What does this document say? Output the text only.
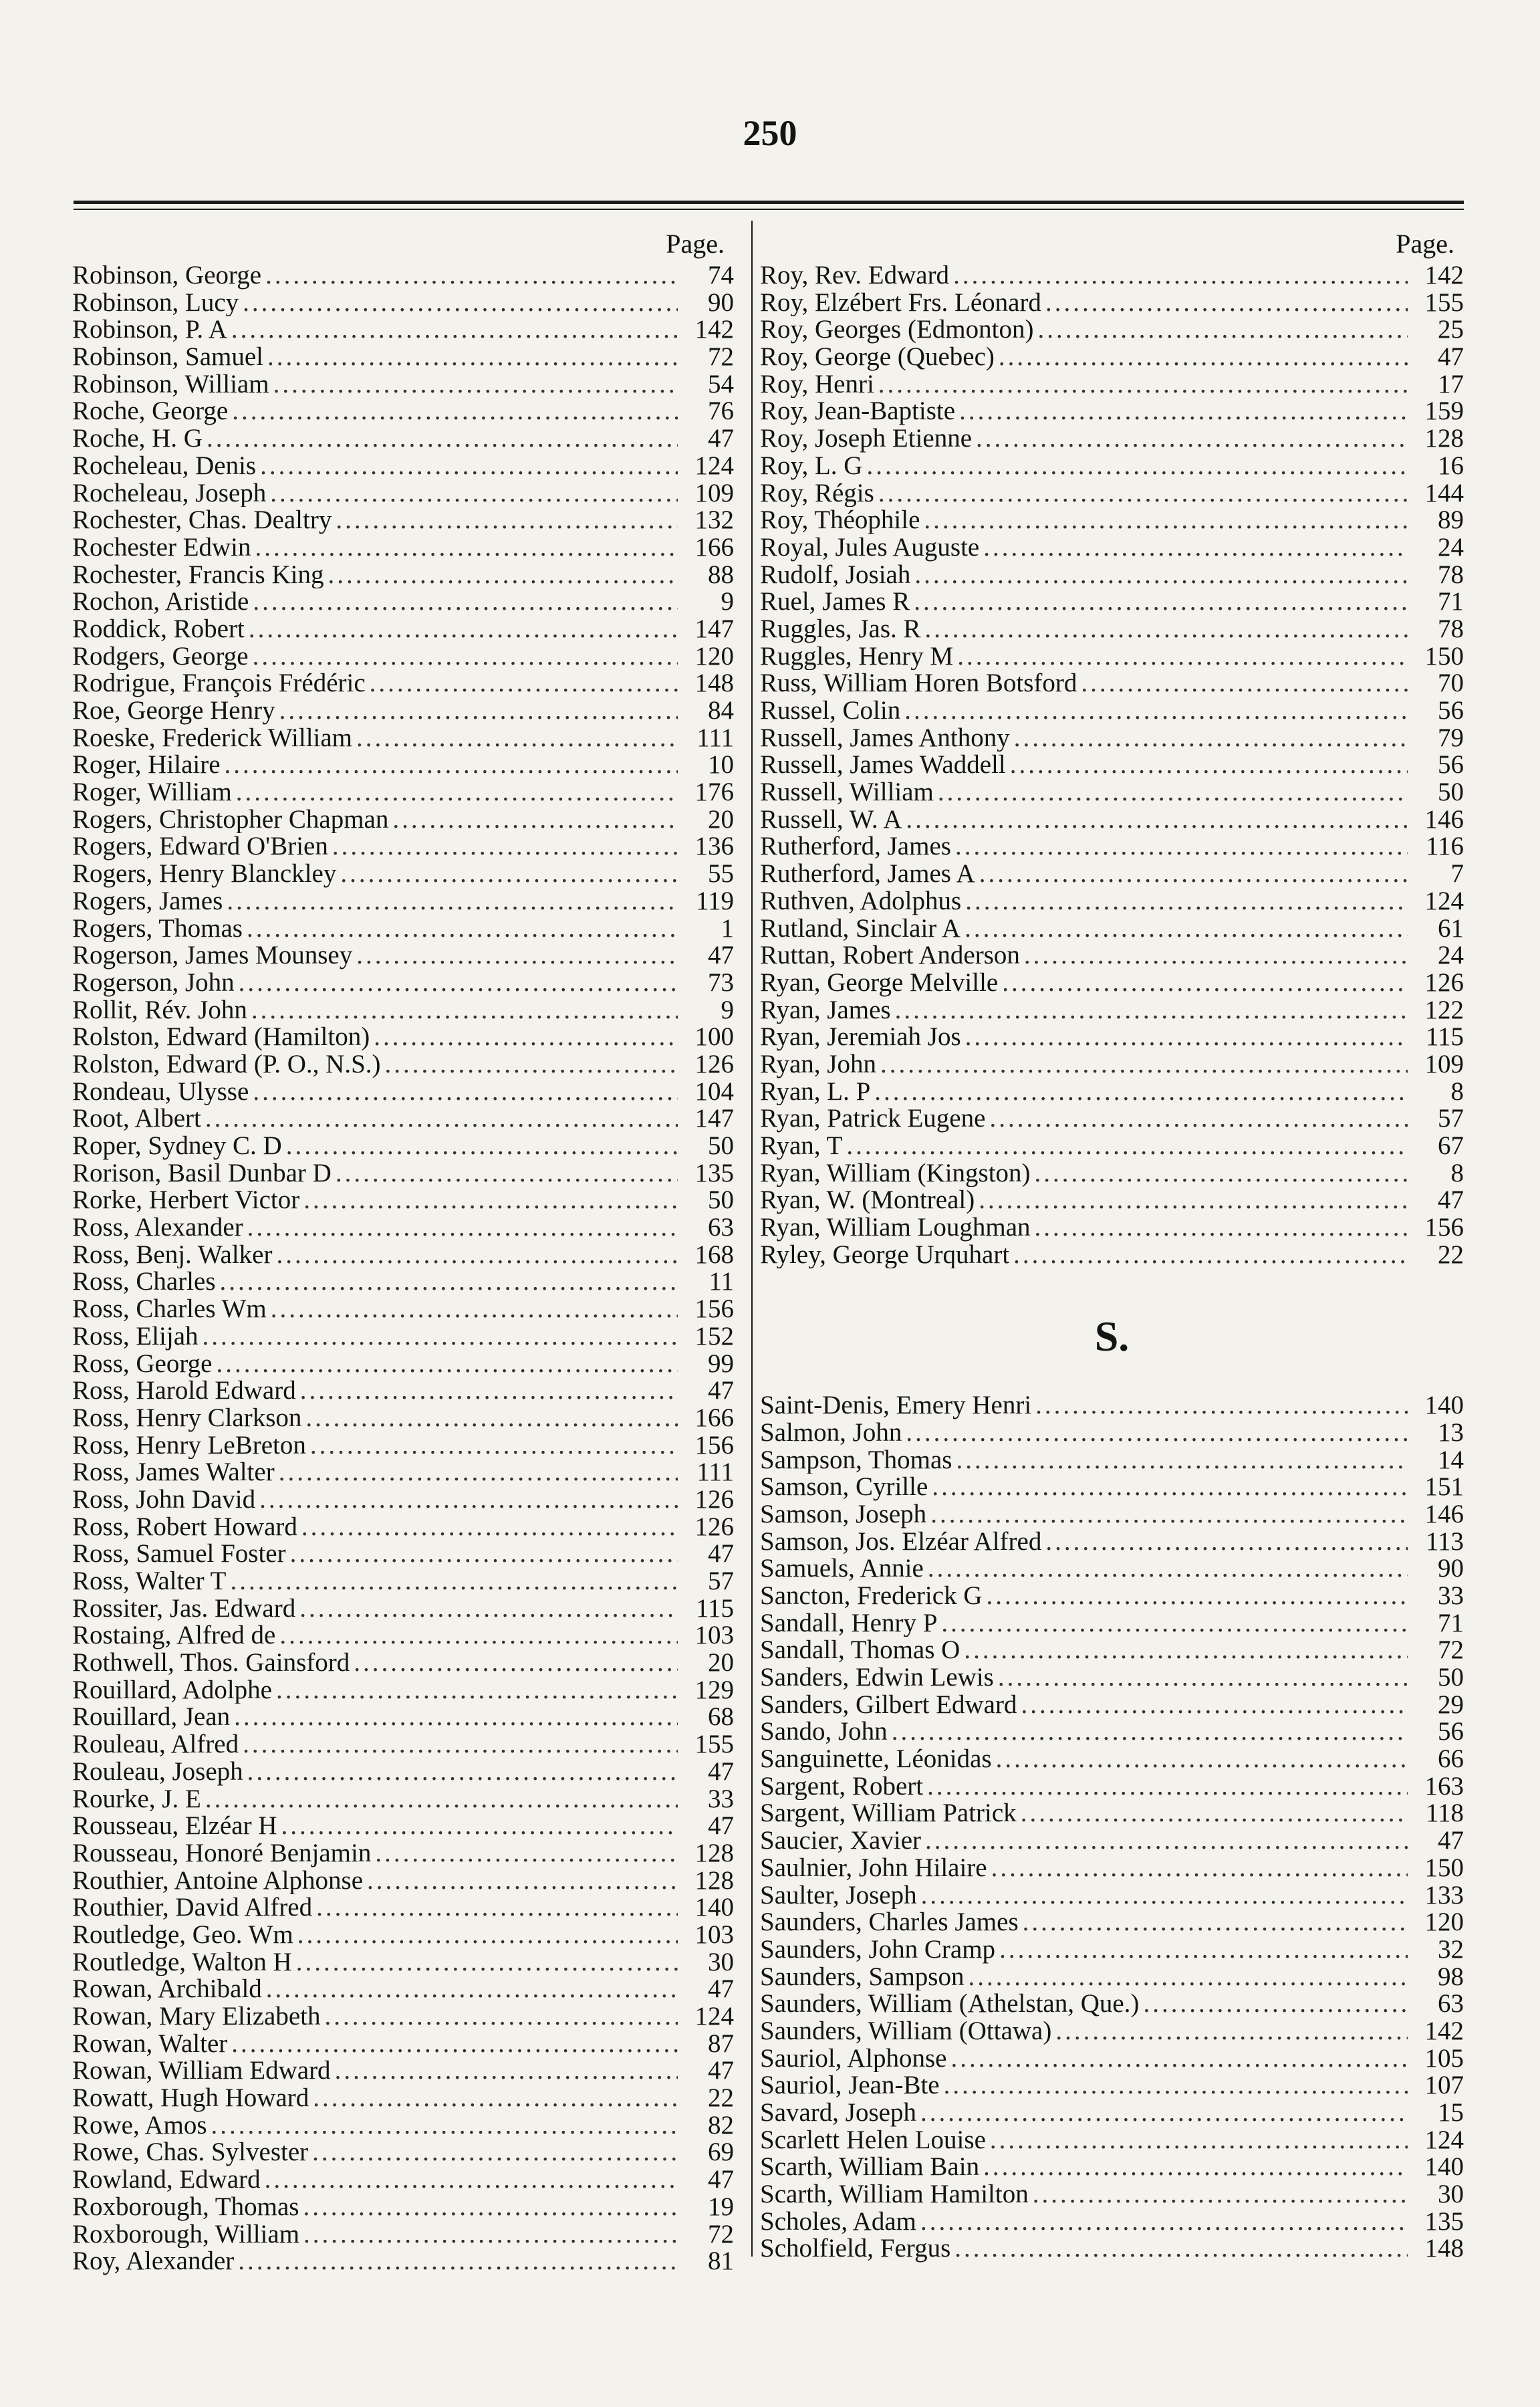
250
Page.
Robinson, George .....	74
Robinson, Lucy .....	90
Robinson, P. A .....	142
Robinson, Samuel .....	72
Robinson, William .....	54
Roche, George .....	76
Roche, H. G .....	47
Rocheleau, Denis .....	124
Rocheleau, Joseph .....	109
Rochester, Chas. Dealtry .....	132
Rochester Edwin .....	166
Rochester, Francis King .....	88
Rochon, Aristide .....	9
Roddick, Robert .....	147
Rodgers, George .....	120
Rodrigue, François Frédéric .....	148
Roe, George Henry .....	84
Roeske, Frederick William .....	111
Roger, Hilaire .....	10
Roger, William .....	176
Rogers, Christopher Chapman .....	20
Rogers, Edward O'Brien .....	136
Rogers, Henry Blanckley .....	55
Rogers, James .....	119
Rogers, Thomas .....	1
Rogerson, James Mounsey .....	47
Rogerson, John .....	73
Rollit, Rév. John .....	9
Rolston, Edward (Hamilton) .....	100
Rolston, Edward (P. O., N.S.) .....	126
Rondeau, Ulysse .....	104
Root, Albert .....	147
Roper, Sydney C. D .....	50
Rorison, Basil Dunbar D .....	135
Rorke, Herbert Victor .....	50
Ross, Alexander .....	63
Ross, Benj. Walker .....	168
Ross, Charles .....	11
Ross, Charles Wm .....	156
Ross, Elijah .....	152
Ross, George .....	99
Ross, Harold Edward .....	47
Ross, Henry Clarkson .....	166
Ross, Henry LeBreton .....	156
Ross, James Walter .....	111
Ross, John David .....	126
Ross, Robert Howard .....	126
Ross, Samuel Foster .....	47
Ross, Walter T .....	57
Rossiter, Jas. Edward .....	115
Rostaing, Alfred de .....	103
Rothwell, Thos. Gainsford .....	20
Rouillard, Adolphe .....	129
Rouillard, Jean .....	68
Rouleau, Alfred .....	155
Rouleau, Joseph .....	47
Rourke, J. E .....	33
Rousseau, Elzéar H .....	47
Rousseau, Honoré Benjamin .....	128
Routhier, Antoine Alphonse .....	128
Routhier, David Alfred .....	140
Routledge, Geo. Wm .....	103
Routledge, Walton H .....	30
Rowan, Archibald .....	47
Rowan, Mary Elizabeth .....	124
Rowan, Walter .....	87
Rowan, William Edward .....	47
Rowatt, Hugh Howard .....	22
Rowe, Amos .....	82
Rowe, Chas. Sylvester .....	69
Rowland, Edward .....	47
Roxborough, Thomas .....	19
Roxborough, William .....	72
Roy, Alexander .....	81
Page.
Roy, Rev. Edward .....	142
Roy, Elzébert Frs. Léonard .....	155
Roy, Georges (Edmonton) .....	25
Roy, George (Quebec) .....	47
Roy, Henri .....	17
Roy, Jean-Baptiste .....	159
Roy, Joseph Etienne .....	128
Roy, L. G .....	16
Roy, Régis .....	144
Roy, Théophile .....	89
Royal, Jules Auguste .....	24
Rudolf, Josiah .....	78
Ruel, James R .....	71
Ruggles, Jas. R .....	78
Ruggles, Henry M .....	150
Russ, William Horen Botsford .....	70
Russel, Colin .....	56
Russell, James Anthony .....	79
Russell, James Waddell .....	56
Russell, William .....	50
Russell, W. A .....	146
Rutherford, James .....	116
Rutherford, James A .....	7
Ruthven, Adolphus .....	124
Rutland, Sinclair A .....	61
Ruttan, Robert Anderson .....	24
Ryan, George Melville .....	126
Ryan, James .....	122
Ryan, Jeremiah Jos .....	115
Ryan, John .....	109
Ryan, L. P .....	8
Ryan, Patrick Eugene .....	57
Ryan, T .....	67
Ryan, William (Kingston) .....	8
Ryan, W. (Montreal) .....	47
Ryan, William Loughman .....	156
Ryley, George Urquhart .....	22
S.
Saint-Denis, Emery Henri .....	140
Salmon, John .....	13
Sampson, Thomas .....	14
Samson, Cyrille .....	151
Samson, Joseph .....	146
Samson, Jos. Elzéar Alfred .....	113
Samuels, Annie .....	90
Sancton, Frederick G .....	33
Sandall, Henry P .....	71
Sandall, Thomas O .....	72
Sanders, Edwin Lewis .....	50
Sanders, Gilbert Edward .....	29
Sando, John .....	56
Sanguinette, Léonidas .....	66
Sargent, Robert .....	163
Sargent, William Patrick .....	118
Saucier, Xavier .....	47
Saulnier, John Hilaire .....	150
Saulter, Joseph .....	133
Saunders, Charles James .....	120
Saunders, John Cramp .....	32
Saunders, Sampson .....	98
Saunders, William (Athelstan, Que.) .....	63
Saunders, William (Ottawa) .....	142
Sauriol, Alphonse .....	105
Sauriol, Jean-Bte .....	107
Savard, Joseph .....	15
Scarlett Helen Louise .....	124
Scarth, William Bain .....	140
Scarth, William Hamilton .....	30
Scholes, Adam .....	135
Scholfield, Fergus .....	148
